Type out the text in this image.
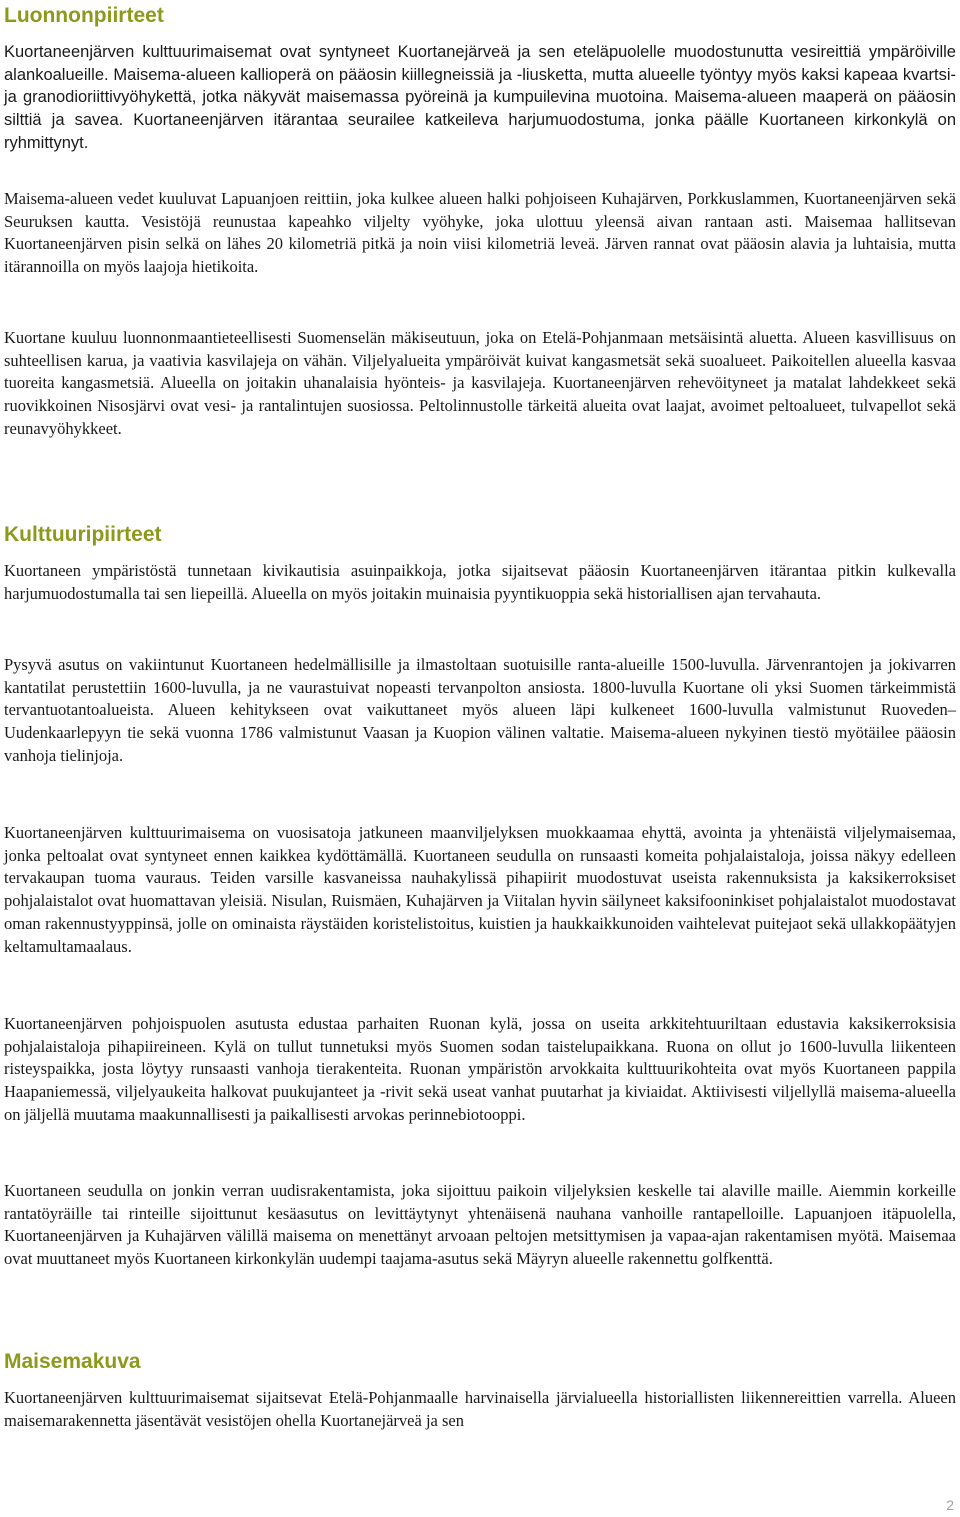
Luonnonpiirteet

Kuortaneenjärven kulttuurimaisemat ovat syntyneet Kuortanejärveä ja sen eteläpuolelle muodostunutta vesireittiä ympäröiville alankoalueille. Maisema-alueen kallioperä on pääosin kiillegneissiä ja -liusketta, mutta alueelle työntyy myös kaksi kapeaa kvartsi- ja granodioriittivyöhykettä, jotka näkyvät maisemassa pyöreinä ja kumpuilevina muotoina. Maisema-alueen maaperä on pääosin silttiä ja savea. Kuortaneenjärven itärantaa seurailee katkeileva harjumuodostuma, jonka päälle Kuortaneen kirkonkylä on ryhmittynyt.

Maisema-alueen vedet kuuluvat Lapuanjoen reittiin, joka kulkee alueen halki pohjoiseen Kuhajärven, Porkkuslammen, Kuortaneenjärven sekä Seuruksen kautta. Vesistöjä reunustaa kapeahko viljelty vyöhyke, joka ulottuu yleensä aivan rantaan asti. Maisemaa hallitsevan Kuortaneenjärven pisin selkä on lähes 20 kilometriä pitkä ja noin viisi kilometriä leveä. Järven rannat ovat pääosin alavia ja luhtaisia, mutta itärannoilla on myös laajoja hietikoita.

Kuortane kuuluu luonnonmaantieteellisesti Suomenselän mäkiseutuun, joka on Etelä-Pohjanmaan metsäisintä aluetta. Alueen kasvillisuus on suhteellisen karua, ja vaativia kasvilajeja on vähän. Viljelyalueita ympäröivät kuivat kangasmetsät sekä suoalueet. Paikoitellen alueella kasvaa tuoreita kangasmetsiä. Alueella on joitakin uhanalaisia hyönteis- ja kasvilajeja. Kuortaneenjärven rehevöityneet ja matalat lahdekkeet sekä ruovikkoinen Nisosjärvi ovat vesi- ja rantalintujen suosiossa. Peltolinnustolle tärkeitä alueita ovat laajat, avoimet peltoalueet, tulvapellot sekä reunavyöhykkeet.

Kulttuuripiirteet

Kuortaneen ympäristöstä tunnetaan kivikautisia asuinpaikkoja, jotka sijaitsevat pääosin Kuortaneenjärven itärantaa pitkin kulkevalla harjumuodostumalla tai sen liepeillä. Alueella on myös joitakin muinaisia pyyntikuoppia sekä historiallisen ajan tervahauta.

Pysyvä asutus on vakiintunut Kuortaneen hedelmällisille ja ilmastoltaan suotuisille ranta-alueille 1500-luvulla. Järvenrantojen ja jokivarren kantatilat perustettiin 1600-luvulla, ja ne vaurastuivat nopeasti tervanpolton ansiosta. 1800-luvulla Kuortane oli yksi Suomen tärkeimmistä tervantuotantoalueista. Alueen kehitykseen ovat vaikuttaneet myös alueen läpi kulkeneet 1600-luvulla valmistunut Ruoveden–Uudenkaarlepyyn tie sekä vuonna 1786 valmistunut Vaasan ja Kuopion välinen valtatie. Maisema-alueen nykyinen tiestö myötäilee pääosin vanhoja tielinjoja.

Kuortaneenjärven kulttuurimaisema on vuosisatoja jatkuneen maanviljelyksen muokkaamaa ehyttä, avointa ja yhtenäistä viljelymaisemaa, jonka peltoalat ovat syntyneet ennen kaikkea kydöttämällä. Kuortaneen seudulla on runsaasti komeita pohjalaistaloja, joissa näkyy edelleen tervakaupan tuoma vauraus. Teiden varsille kasvaneissa nauhakylissä pihapiirit muodostuvat useista rakennuksista ja kaksikerroksiset pohjalaistalot ovat huomattavan yleisiä. Nisulan, Ruismäen, Kuhajärven ja Viitalan hyvin säilyneet kaksifooninkiset pohjalaistalot muodostavat oman rakennustyyppinsä, jolle on ominaista räystäiden koristelistoitus, kuistien ja haukkaikkunoiden vaihtelevat puitejaot sekä ullakkopäätyjen keltamultamaalaus.

Kuortaneenjärven pohjoispuolen asutusta edustaa parhaiten Ruonan kylä, jossa on useita arkkitehtuuriltaan edustavia kaksikerroksisia pohjalaistaloja pihapiireineen. Kylä on tullut tunnetuksi myös Suomen sodan taistelupaikkana. Ruona on ollut jo 1600-luvulla liikenteen risteyspaikka, josta löytyy runsaasti vanhoja tierakenteita. Ruonan ympäristön arvokkaita kulttuurikohteita ovat myös Kuortaneen pappila Haapaniemessä, viljelyaukeita halkovat puukujanteet ja -rivit sekä useat vanhat puutarhat ja kiviaidat. Aktiivisesti viljellyllä maisema-alueella on jäljellä muutama maakunnallisesti ja paikallisesti arvokas perinnebiotooppi.

Kuortaneen seudulla on jonkin verran uudisrakentamista, joka sijoittuu paikoin viljelyksien keskelle tai alaville maille. Aiemmin korkeille rantatöyräille tai rinteille sijoittunut kesäasutus on levittäytynyt yhtenäisenä nauhana vanhoille rantapelloille. Lapuanjoen itäpuolella, Kuortaneenjärven ja Kuhajärven välillä maisema on menettänyt arvoaan peltojen metsittymisen ja vapaa-ajan rakentamisen myötä. Maisemaa ovat muuttaneet myös Kuortaneen kirkonkylän uudempi taajama-asutus sekä Mäyryn alueelle rakennettu golfkenttä.

Maisemakuva

Kuortaneenjärven kulttuurimaisemat sijaitsevat Etelä-Pohjanmaalle harvinaisella järvialueella historiallisten liikennereittien varrella. Alueen maisemarakennetta jäsentävät vesistöjen ohella Kuortanejärveä ja sen

2
